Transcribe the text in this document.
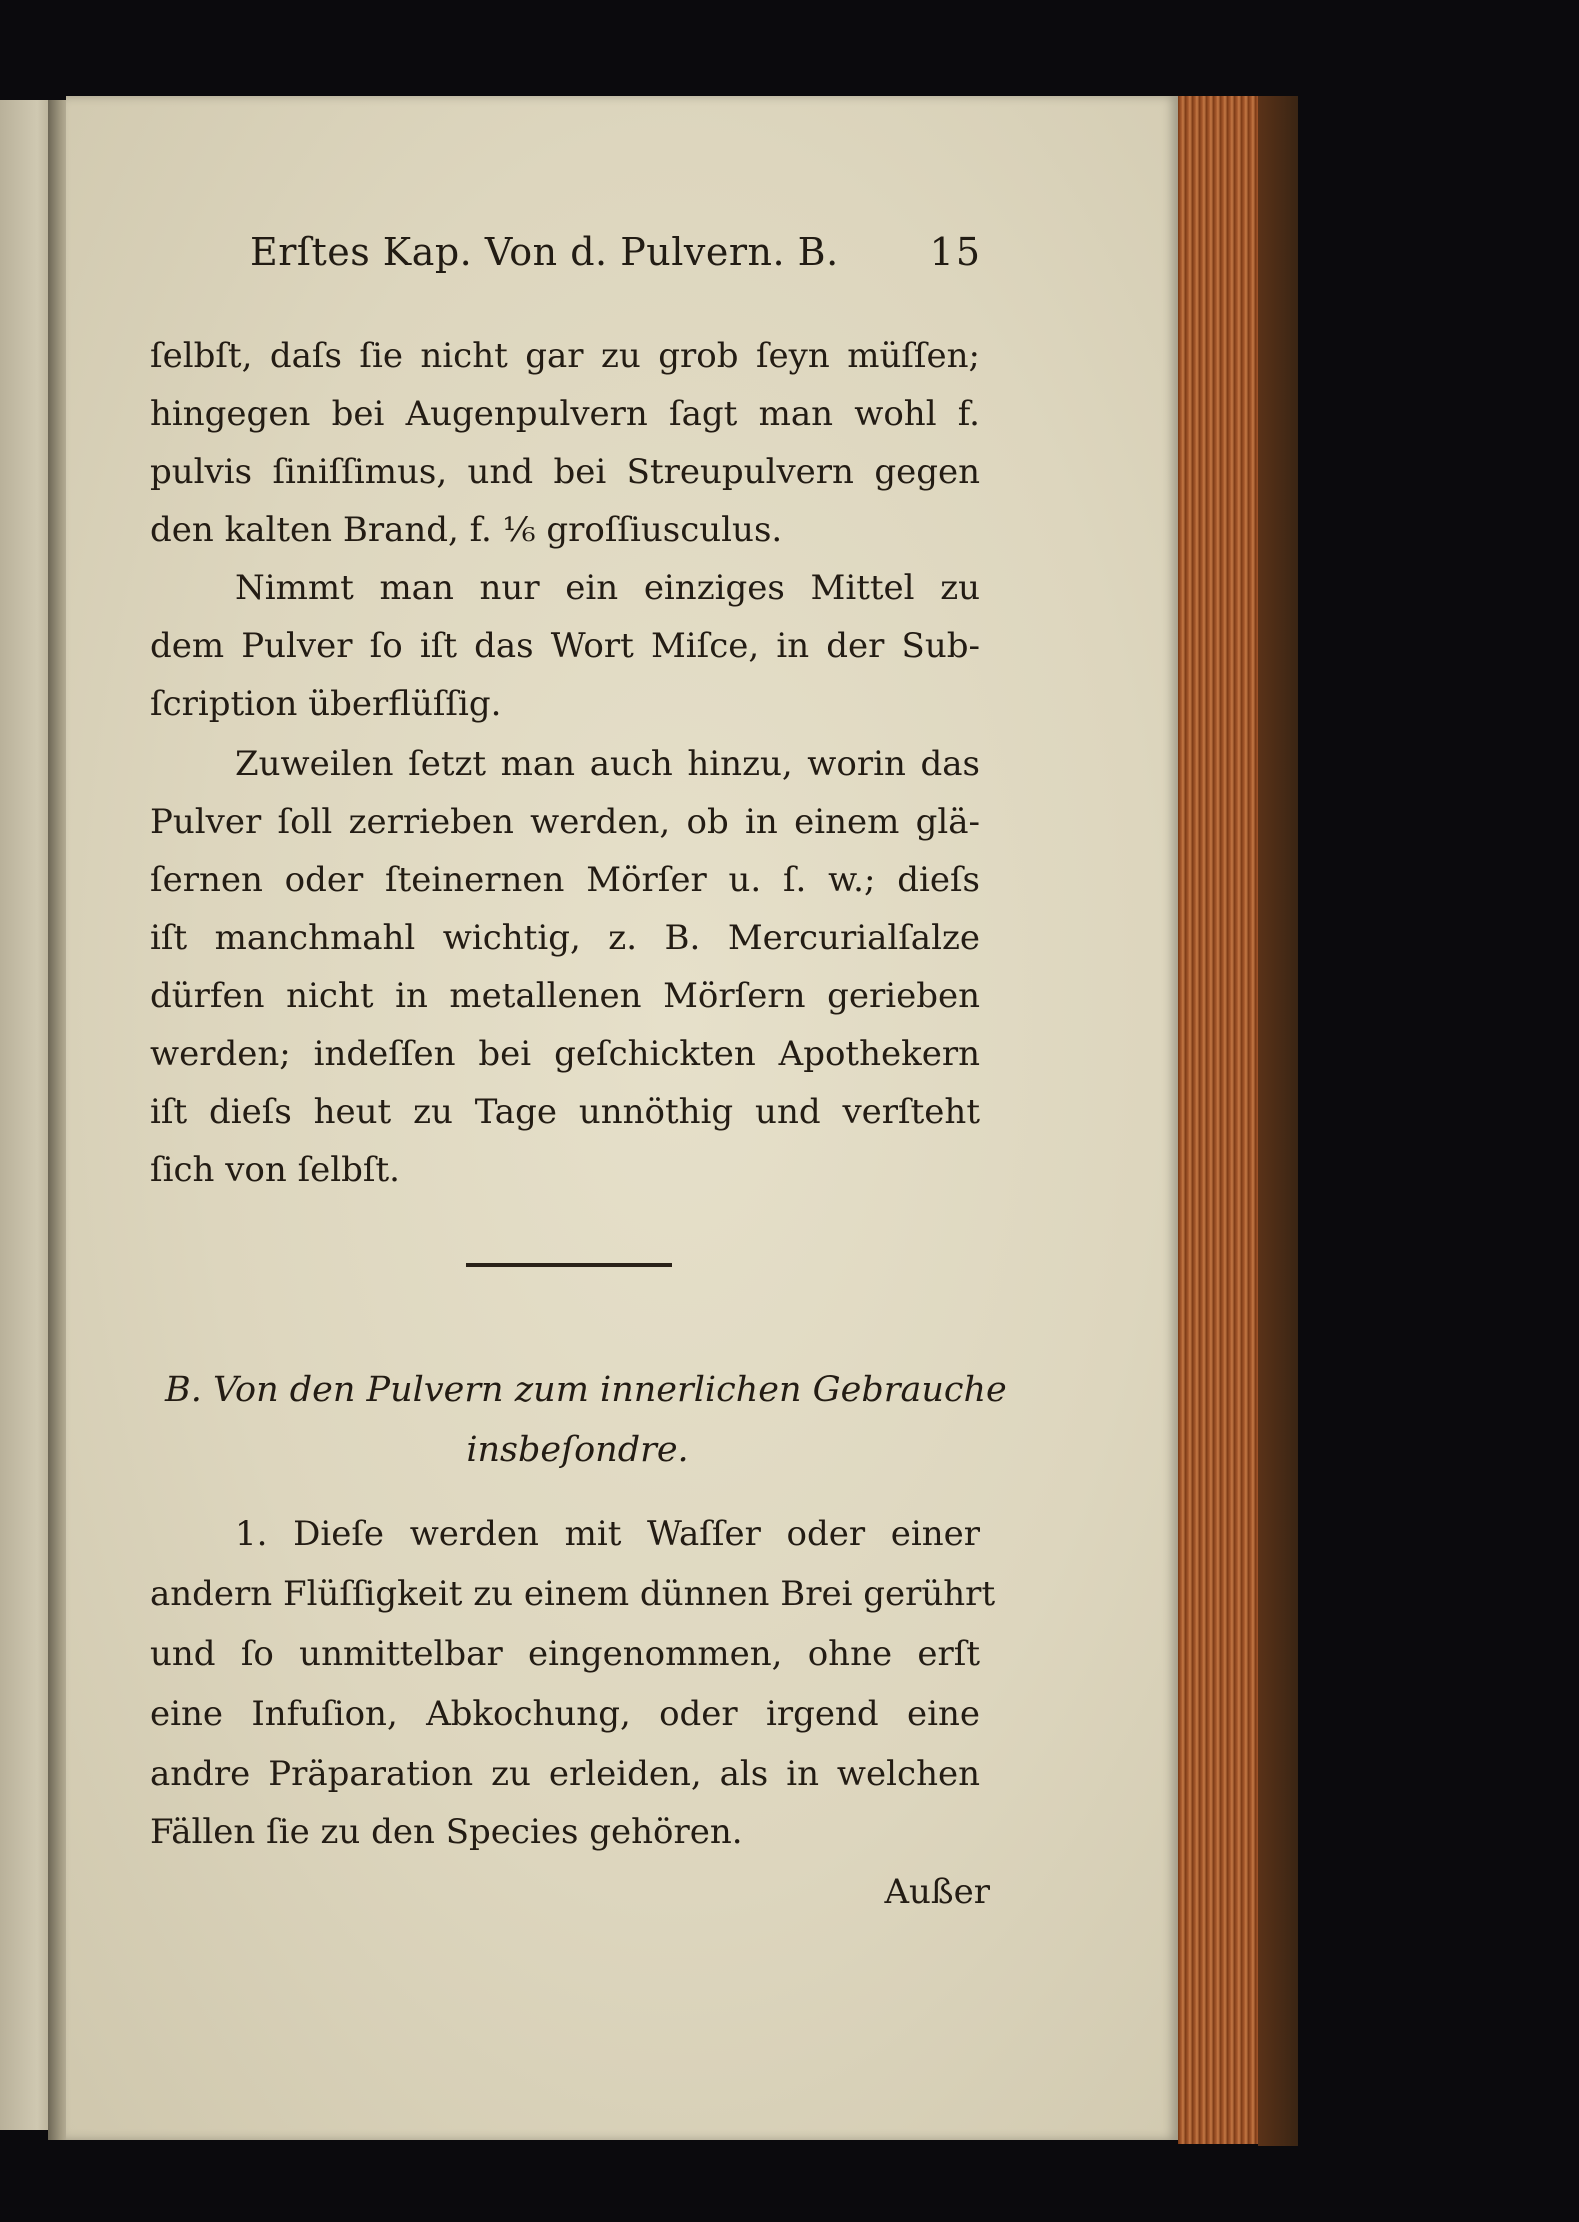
Erſtes Kap. Von d. Pulvern. B. 15
ſelbſt, daſs ſie nicht gar zu grob ſeyn müſſen;
hingegen bei Augenpulvern ſagt man wohl f.
pulvis ſiniſſimus, und bei Streupulvern gegen
den kalten Brand, f. ⅙ groſſiusculus.
Nimmt man nur ein einziges Mittel zu
dem Pulver ſo iſt das Wort Miſce, in der Sub-
ſcription überflüſſig.
Zuweilen ſetzt man auch hinzu, worin das
Pulver ſoll zerrieben werden, ob in einem glä-
ſernen oder ſteinernen Mörſer u. ſ. w.; dieſs
iſt manchmahl wichtig, z. B. Mercurialſalze
dürfen nicht in metallenen Mörſern gerieben
werden; indeſſen bei geſchickten Apothekern
iſt dieſs heut zu Tage unnöthig und verſteht
ſich von ſelbſt.
B. Von den Pulvern zum innerlichen Gebrauche
insbeſondre.
1. Dieſe werden mit Waſſer oder einer
andern Flüſſigkeit zu einem dünnen Brei gerührt
und ſo unmittelbar eingenommen, ohne erſt
eine Infuſion, Abkochung, oder irgend eine
andre Präparation zu erleiden, als in welchen
Fällen ſie zu den Species gehören.
Außer
